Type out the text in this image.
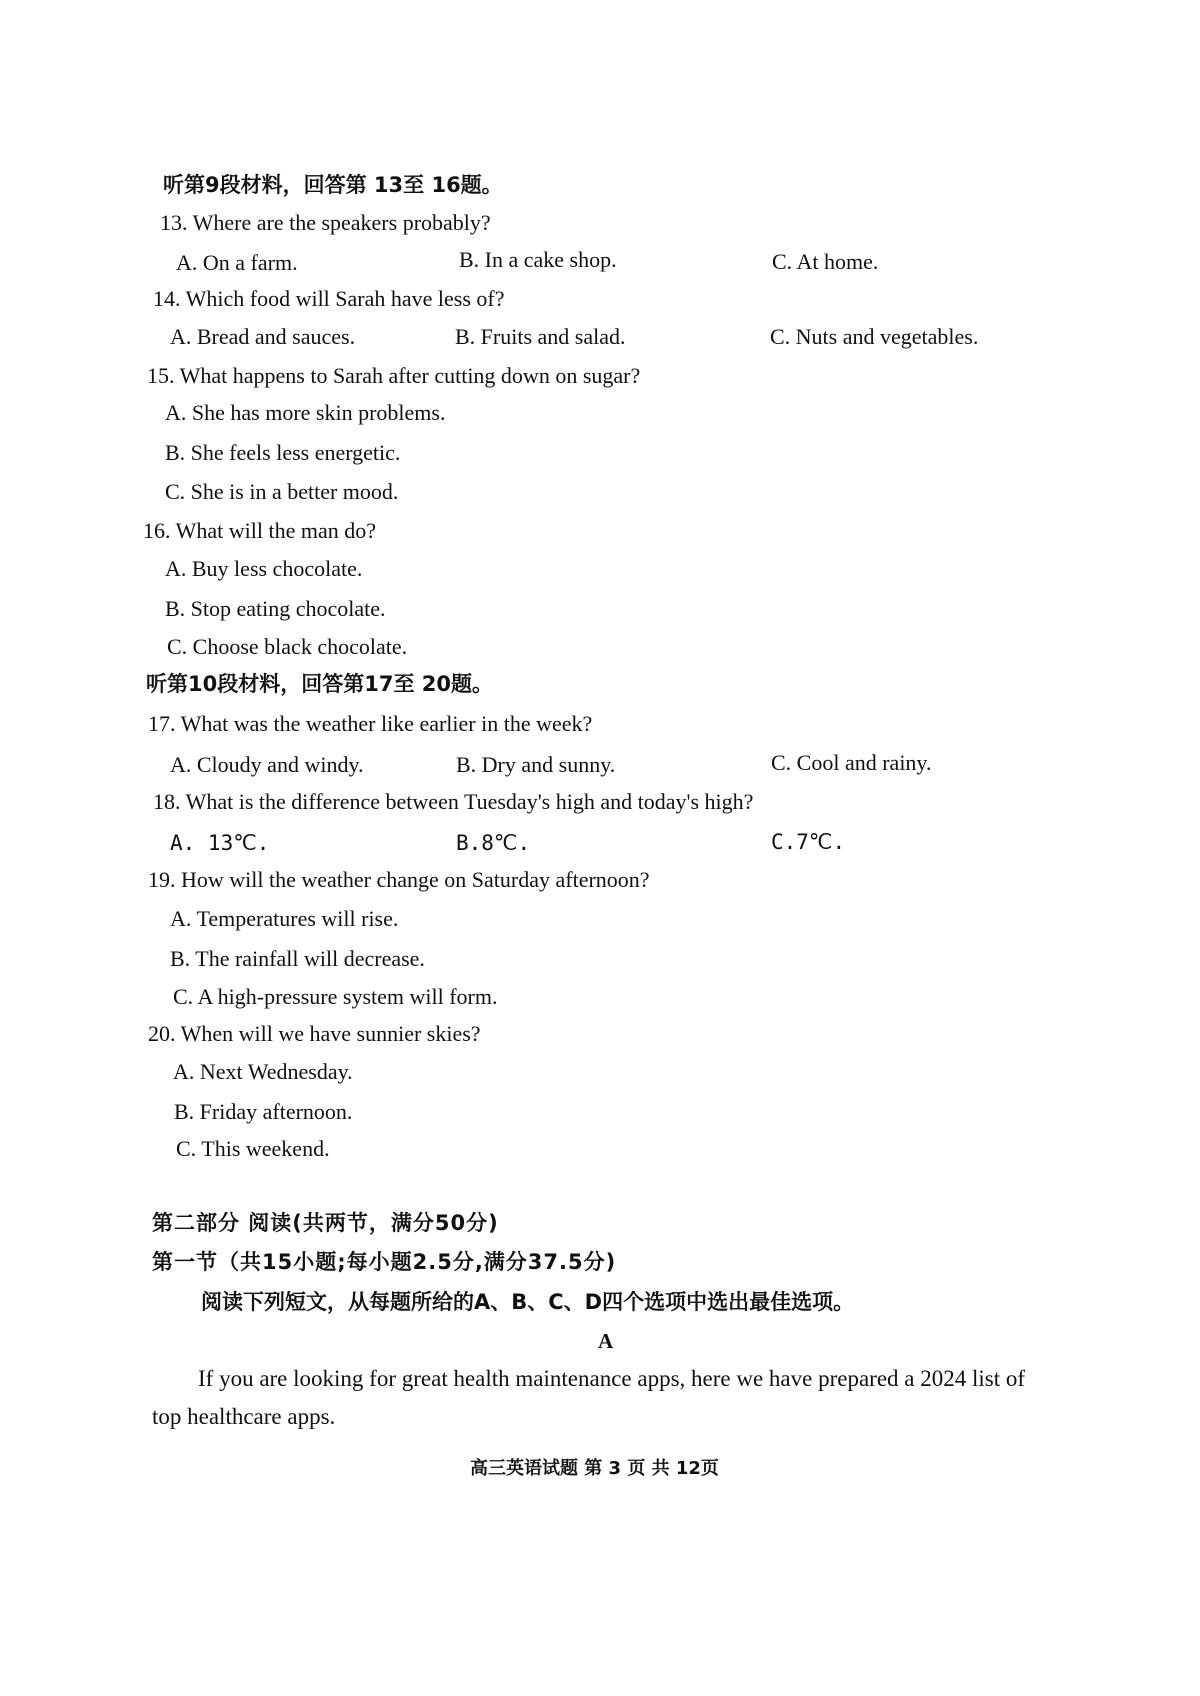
听第9段材料，回答第 13至 16题。
13. Where are the speakers probably?
A. On a farm.	B. In a cake shop.	C. At home.
14. Which food will Sarah have less of?
A. Bread and sauces.	B. Fruits and salad.	C. Nuts and vegetables.
15. What happens to Sarah after cutting down on sugar?
A. She has more skin problems.
B. She feels less energetic.
C. She is in a better mood.
16. What will the man do?
A. Buy less chocolate.
B. Stop eating chocolate.
C. Choose black chocolate.
听第10段材料，回答第17至 20题。
17. What was the weather like earlier in the week?
A. Cloudy and windy.	B. Dry and sunny.	C. Cool and rainy.
18. What is the difference between Tuesday's high and today's high?
A. 13℃.	B.8℃.	C.7℃.
19. How will the weather change on Saturday afternoon?
A. Temperatures will rise.
B. The rainfall will decrease.
C. A high-pressure system will form.
20. When will we have sunnier skies?
A. Next Wednesday.
B. Friday afternoon.
C. This weekend.
第二部分 阅读(共两节，满分50分)
第一节（共15小题;每小题2.5分,满分37.5分)
阅读下列短文，从每题所给的A、B、C、D四个选项中选出最佳选项。
A
If you are looking for great health maintenance apps, here we have prepared a 2024 list of
top healthcare apps.
高三英语试题 第 3 页 共 12页
